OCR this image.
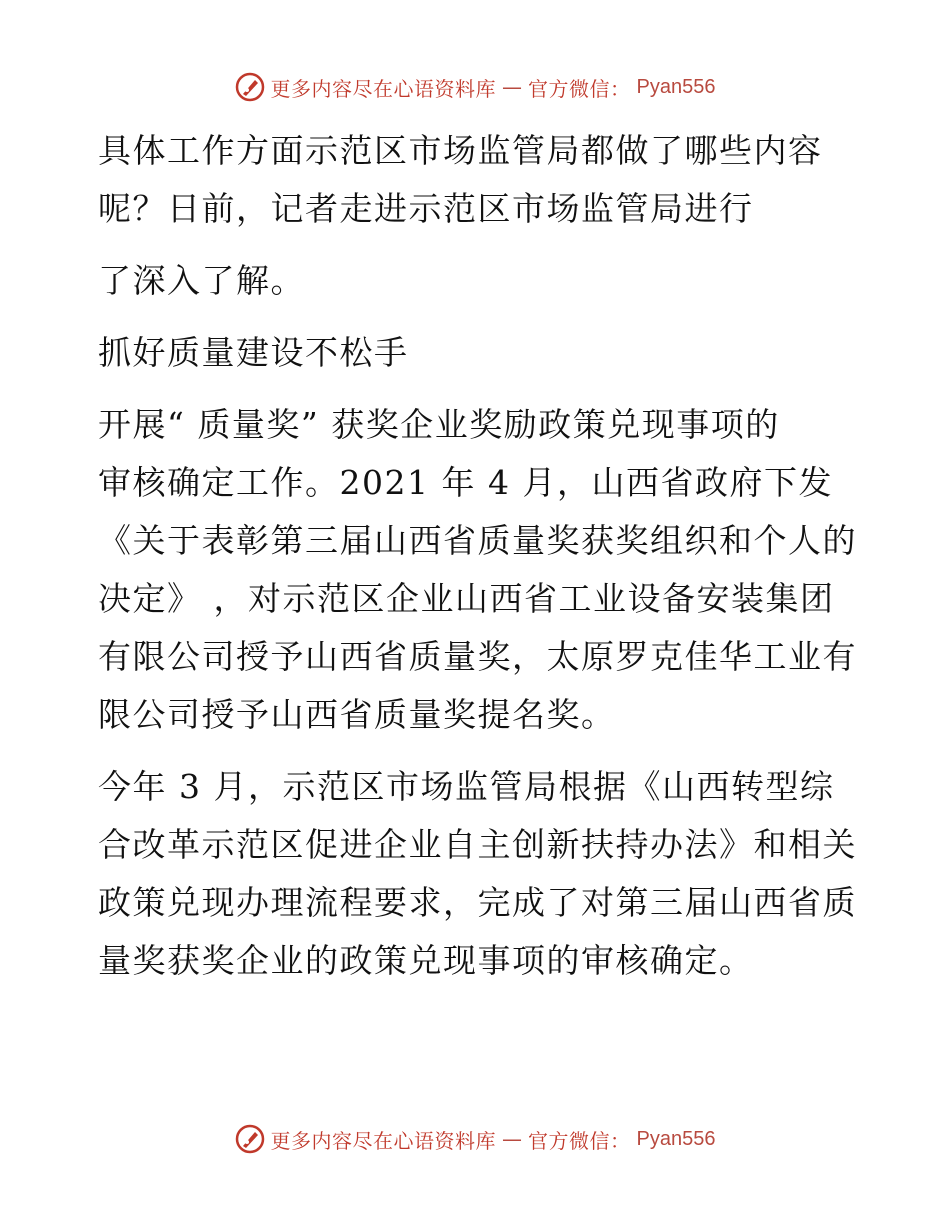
更多内容尽在心语资料库 — 官方微信： Pyan556

具体工作方面示范区市场监管局都做了哪些内容

呢？日前，记者走进示范区市场监管局进行

了深入了解。

抓好质量建设不松手

开展“ 质量奖” 获奖企业奖励政策兑现事项的

审核确定工作。2021 年 4 月，山西省政府下发

《关于表彰第三届山西省质量奖获奖组织和个人的

决定》 ，对示范区企业山西省工业设备安装集团

有限公司授予山西省质量奖，太原罗克佳华工业有

限公司授予山西省质量奖提名奖。

今年 3 月，示范区市场监管局根据《山西转型综

合改革示范区促进企业自主创新扶持办法》和相关

政策兑现办理流程要求，完成了对第三届山西省质

量奖获奖企业的政策兑现事项的审核确定。

更多内容尽在心语资料库 — 官方微信： Pyan556
